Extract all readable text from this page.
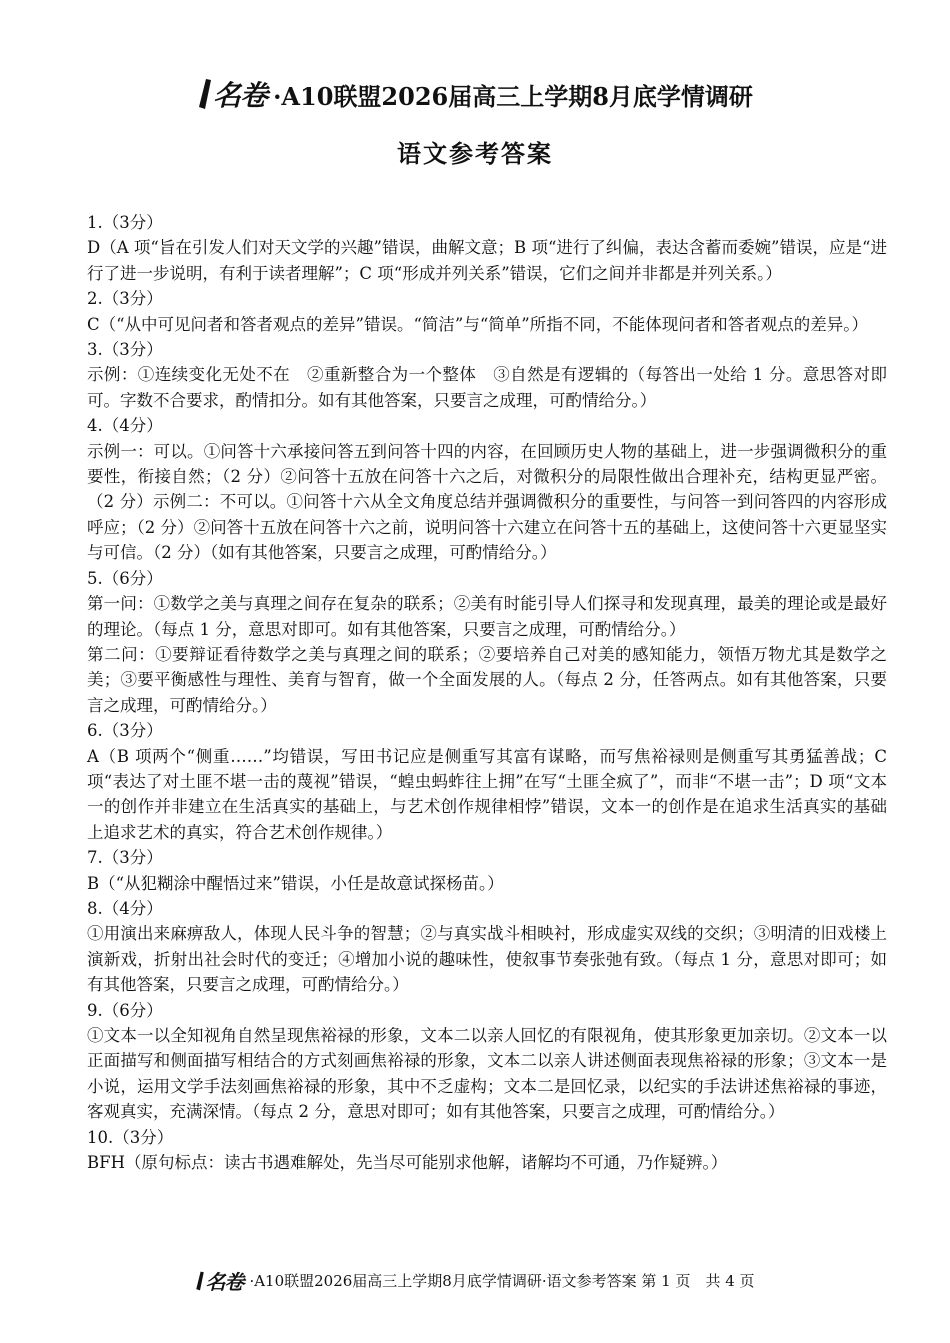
名卷 ·A10联盟2026届高三上学期8月底学情调研
语文参考答案
1.（3分）

D（A 项“旨在引发人们对天文学的兴趣”错误，曲解文意；B 项“进行了纠偏，表达含蓄而委婉”错误，应是“进行了进一步说明，有利于读者理解”；C 项“形成并列关系”错误，它们之间并非都是并列关系。）

2.（3分）

C（“从中可见问者和答者观点的差异”错误。“简洁”与“简单”所指不同，不能体现问者和答者观点的差异。）

3.（3分）

示例：①连续变化无处不在　②重新整合为一个整体　③自然是有逻辑的（每答出一处给 1 分。意思答对即可。字数不合要求，酌情扣分。如有其他答案，只要言之成理，可酌情给分。）

4.（4分）

示例一：可以。①问答十六承接问答五到问答十四的内容，在回顾历史人物的基础上，进一步强调微积分的重要性，衔接自然；（2 分）②问答十五放在问答十六之后，对微积分的局限性做出合理补充，结构更显严密。（2 分）示例二：不可以。①问答十六从全文角度总结并强调微积分的重要性，与问答一到问答四的内容形成呼应；（2 分）②问答十五放在问答十六之前，说明问答十六建立在问答十五的基础上，这使问答十六更显坚实与可信。（2 分）（如有其他答案，只要言之成理，可酌情给分。）

5.（6分）

第一问：①数学之美与真理之间存在复杂的联系；②美有时能引导人们探寻和发现真理，最美的理论或是最好的理论。（每点 1 分，意思对即可。如有其他答案，只要言之成理，可酌情给分。）

第二问：①要辩证看待数学之美与真理之间的联系；②要培养自己对美的感知能力，领悟万物尤其是数学之美；③要平衡感性与理性、美育与智育，做一个全面发展的人。（每点 2 分，任答两点。如有其他答案，只要言之成理，可酌情给分。）

6.（3分）

A（B 项两个“侧重……”均错误，写田书记应是侧重写其富有谋略，而写焦裕禄则是侧重写其勇猛善战；C 项“表达了对土匪不堪一击的蔑视”错误，“蝗虫蚂蚱往上拥”在写“土匪全疯了”，而非“不堪一击”；D 项“文本一的创作并非建立在生活真实的基础上，与艺术创作规律相悖”错误，文本一的创作是在追求生活真实的基础上追求艺术的真实，符合艺术创作规律。）

7.（3分）

B（“从犯糊涂中醒悟过来”错误，小任是故意试探杨苗。）

8.（4分）

①用演出来麻痹敌人，体现人民斗争的智慧；②与真实战斗相映衬，形成虚实双线的交织；③明清的旧戏楼上演新戏，折射出社会时代的变迁；④增加小说的趣味性，使叙事节奏张弛有致。（每点 1 分，意思对即可；如有其他答案，只要言之成理，可酌情给分。）

9.（6分）

①文本一以全知视角自然呈现焦裕禄的形象，文本二以亲人回忆的有限视角，使其形象更加亲切。②文本一以正面描写和侧面描写相结合的方式刻画焦裕禄的形象，文本二以亲人讲述侧面表现焦裕禄的形象；③文本一是小说，运用文学手法刻画焦裕禄的形象，其中不乏虚构；文本二是回忆录，以纪实的手法讲述焦裕禄的事迹，客观真实，充满深情。（每点 2 分，意思对即可；如有其他答案，只要言之成理，可酌情给分。）

10.（3分）

BFH（原句标点：读古书遇难解处，先当尽可能别求他解，诸解均不可通，乃作疑辨。）

名卷 ·A10联盟2026届高三上学期8月底学情调研·语文参考答案 第 1 页　共 4 页
